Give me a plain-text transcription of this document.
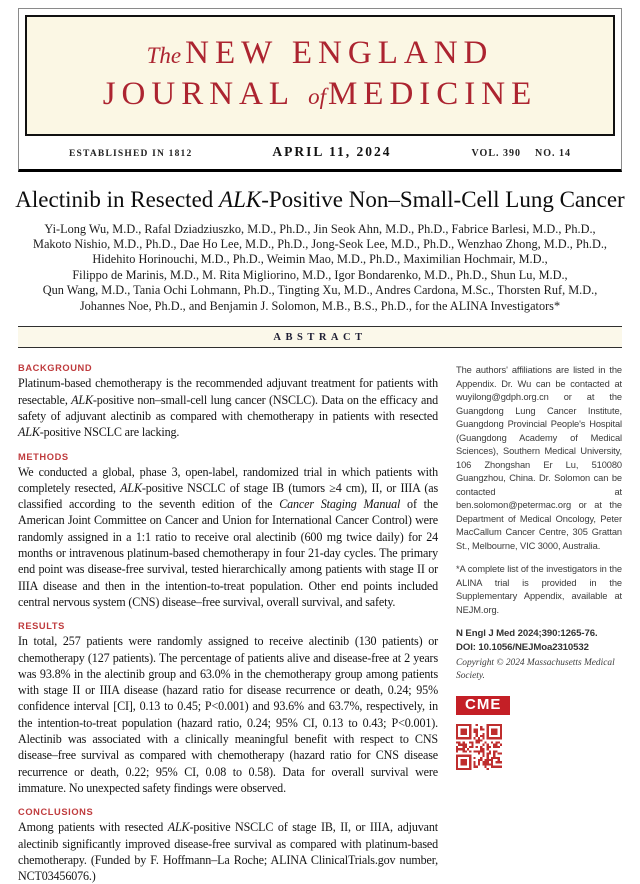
The NEW ENGLAND
JOURNAL ofMEDICINE
ESTABLISHED IN 1812	APRIL 11, 2024	VOL. 390 NO. 14
Alectinib in Resected ALK-Positive Non–Small-Cell Lung Cancer
Yi-Long Wu, M.D., Rafal Dziadziuszko, M.D., Ph.D., Jin Seok Ahn, M.D., Ph.D., Fabrice Barlesi, M.D., Ph.D.,
Makoto Nishio, M.D., Ph.D., Dae Ho Lee, M.D., Ph.D., Jong-Seok Lee, M.D., Ph.D., Wenzhao Zhong, M.D., Ph.D.,
Hidehito Horinouchi, M.D., Ph.D., Weimin Mao, M.D., Ph.D., Maximilian Hochmair, M.D.,
Filippo de Marinis, M.D., M. Rita Migliorino, M.D., Igor Bondarenko, M.D., Ph.D., Shun Lu, M.D.,
Qun Wang, M.D., Tania Ochi Lohmann, Ph.D., Tingting Xu, M.D., Andres Cardona, M.Sc., Thorsten Ruf, M.D.,
Johannes Noe, Ph.D., and Benjamin J. Solomon, M.B., B.S., Ph.D., for the ALINA Investigators*
ABSTRACT
BACKGROUND

Platinum-based chemotherapy is the recommended adjuvant treatment for patients with resectable, ALK-positive non–small-cell lung cancer (NSCLC). Data on the efficacy and safety of adjuvant alectinib as compared with chemotherapy in patients with resected ALK-positive NSCLC are lacking.

METHODS

We conducted a global, phase 3, open-label, randomized trial in which patients with completely resected, ALK-positive NSCLC of stage IB (tumors ≥4 cm), II, or IIIA (as classified according to the seventh edition of the Cancer Staging Manual of the American Joint Committee on Cancer and Union for International Cancer Control) were randomly assigned in a 1:1 ratio to receive oral alectinib (600 mg twice daily) for 24 months or intravenous platinum-based chemotherapy in four 21-day cycles. The primary end point was disease-free survival, tested hierarchically among patients with stage II or IIIA disease and then in the intention-to-treat population. Other end points included central nervous system (CNS) disease–free survival, overall survival, and safety.

RESULTS

In total, 257 patients were randomly assigned to receive alectinib (130 patients) or chemotherapy (127 patients). The percentage of patients alive and disease-free at 2 years was 93.8% in the alectinib group and 63.0% in the chemotherapy group among patients with stage II or IIIA disease (hazard ratio for disease recurrence or death, 0.24; 95% confidence interval [CI], 0.13 to 0.45; P<0.001) and 93.6% and 63.7%, respectively, in the intention-to-treat population (hazard ratio, 0.24; 95% CI, 0.13 to 0.43; P<0.001). Alectinib was associated with a clinically meaningful benefit with respect to CNS disease–free survival as compared with chemotherapy (hazard ratio for CNS disease recurrence or death, 0.22; 95% CI, 0.08 to 0.58). Data for overall survival were immature. No unexpected safety findings were observed.

CONCLUSIONS

Among patients with resected ALK-positive NSCLC of stage IB, II, or IIIA, adjuvant alectinib significantly improved disease-free survival as compared with platinum-based chemotherapy. (Funded by F. Hoffmann–La Roche; ALINA ClinicalTrials.gov number, NCT03456076.)

The authors' affiliations are listed in the Appendix. Dr. Wu can be contacted at wuyilong@gdph.org.cn or at the Guangdong Lung Cancer Institute, Guangdong Provincial People's Hospital (Guangdong Academy of Medical Sciences), Southern Medical University, 106 Zhongshan Er Lu, 510080 Guangzhou, China. Dr. Solomon can be contacted at ben.solomon@petermac.org or at the Department of Medical Oncology, Peter MacCallum Cancer Centre, 305 Grattan St., Melbourne, VIC 3000, Australia.

*A complete list of the investigators in the ALINA trial is provided in the Supplementary Appendix, available at NEJM.org.

N Engl J Med 2024;390:1265-76.
DOI: 10.1056/NEJMoa2310532
Copyright © 2024 Massachusetts Medical Society.
CME
